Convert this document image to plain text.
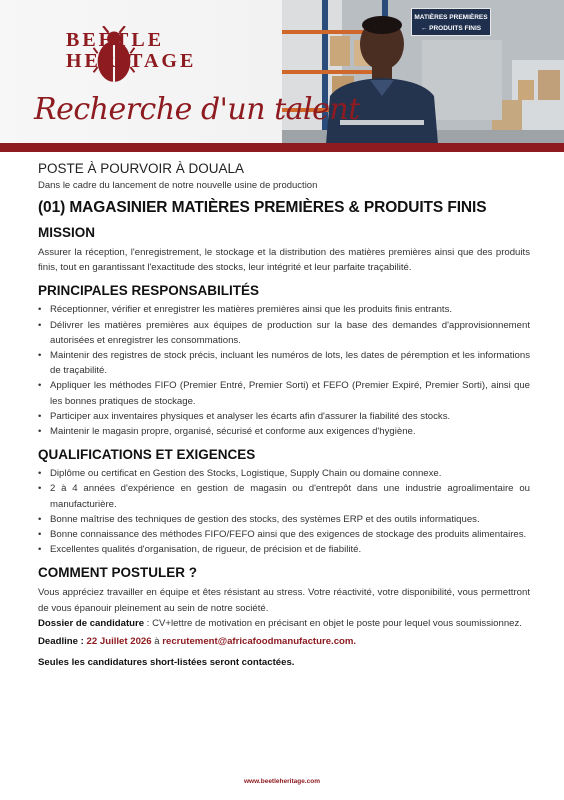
MATIÈRES PREMIÈRES
← PRODUITS FINIS
BEETLE
HERITAGE
Recherche d'un talent
POSTE À POURVOIR À DOUALA
Dans le cadre du lancement de notre nouvelle usine de production
(01) MAGASINIER MATIÈRES PREMIÈRES & PRODUITS FINIS
MISSION
Assurer la réception, l'enregistrement, le stockage et la distribution des matières premières ainsi que des produits finis, tout en garantissant l'exactitude des stocks, leur intégrité et leur parfaite traçabilité.
PRINCIPALES RESPONSABILITÉS
• Réceptionner, vérifier et enregistrer les matières premières ainsi que les produits finis entrants.
• Délivrer les matières premières aux équipes de production sur la base des demandes d'approvisionnement autorisées et enregistrer les consommations.
• Maintenir des registres de stock précis, incluant les numéros de lots, les dates de péremption et les informations de traçabilité.
• Appliquer les méthodes FIFO (Premier Entré, Premier Sorti) et FEFO (Premier Expiré, Premier Sorti), ainsi que les bonnes pratiques de stockage.
• Participer aux inventaires physiques et analyser les écarts afin d'assurer la fiabilité des stocks.
• Maintenir le magasin propre, organisé, sécurisé et conforme aux exigences d'hygiène.
QUALIFICATIONS ET EXIGENCES
• Diplôme ou certificat en Gestion des Stocks, Logistique, Supply Chain ou domaine connexe.
• 2 à 4 années d'expérience en gestion de magasin ou d'entrepôt dans une industrie agroalimentaire ou manufacturière.
• Bonne maîtrise des techniques de gestion des stocks, des systèmes ERP et des outils informatiques.
• Bonne connaissance des méthodes FIFO/FEFO ainsi que des exigences de stockage des produits alimentaires.
• Excellentes qualités d'organisation, de rigueur, de précision et de fiabilité.
COMMENT POSTULER ?
Vous appréciez travailler en équipe et êtes résistant au stress. Votre réactivité, votre disponibilité, vous permettront de vous épanouir pleinement au sein de notre société.
Dossier de candidature : CV+lettre de motivation en précisant en objet le poste pour lequel vous soumissionnez.
Deadline : 22 Juillet 2026 à recrutement@africafoodmanufacture.com.
Seules les candidatures short-listées seront contactées.
www.beetleheritage.com
